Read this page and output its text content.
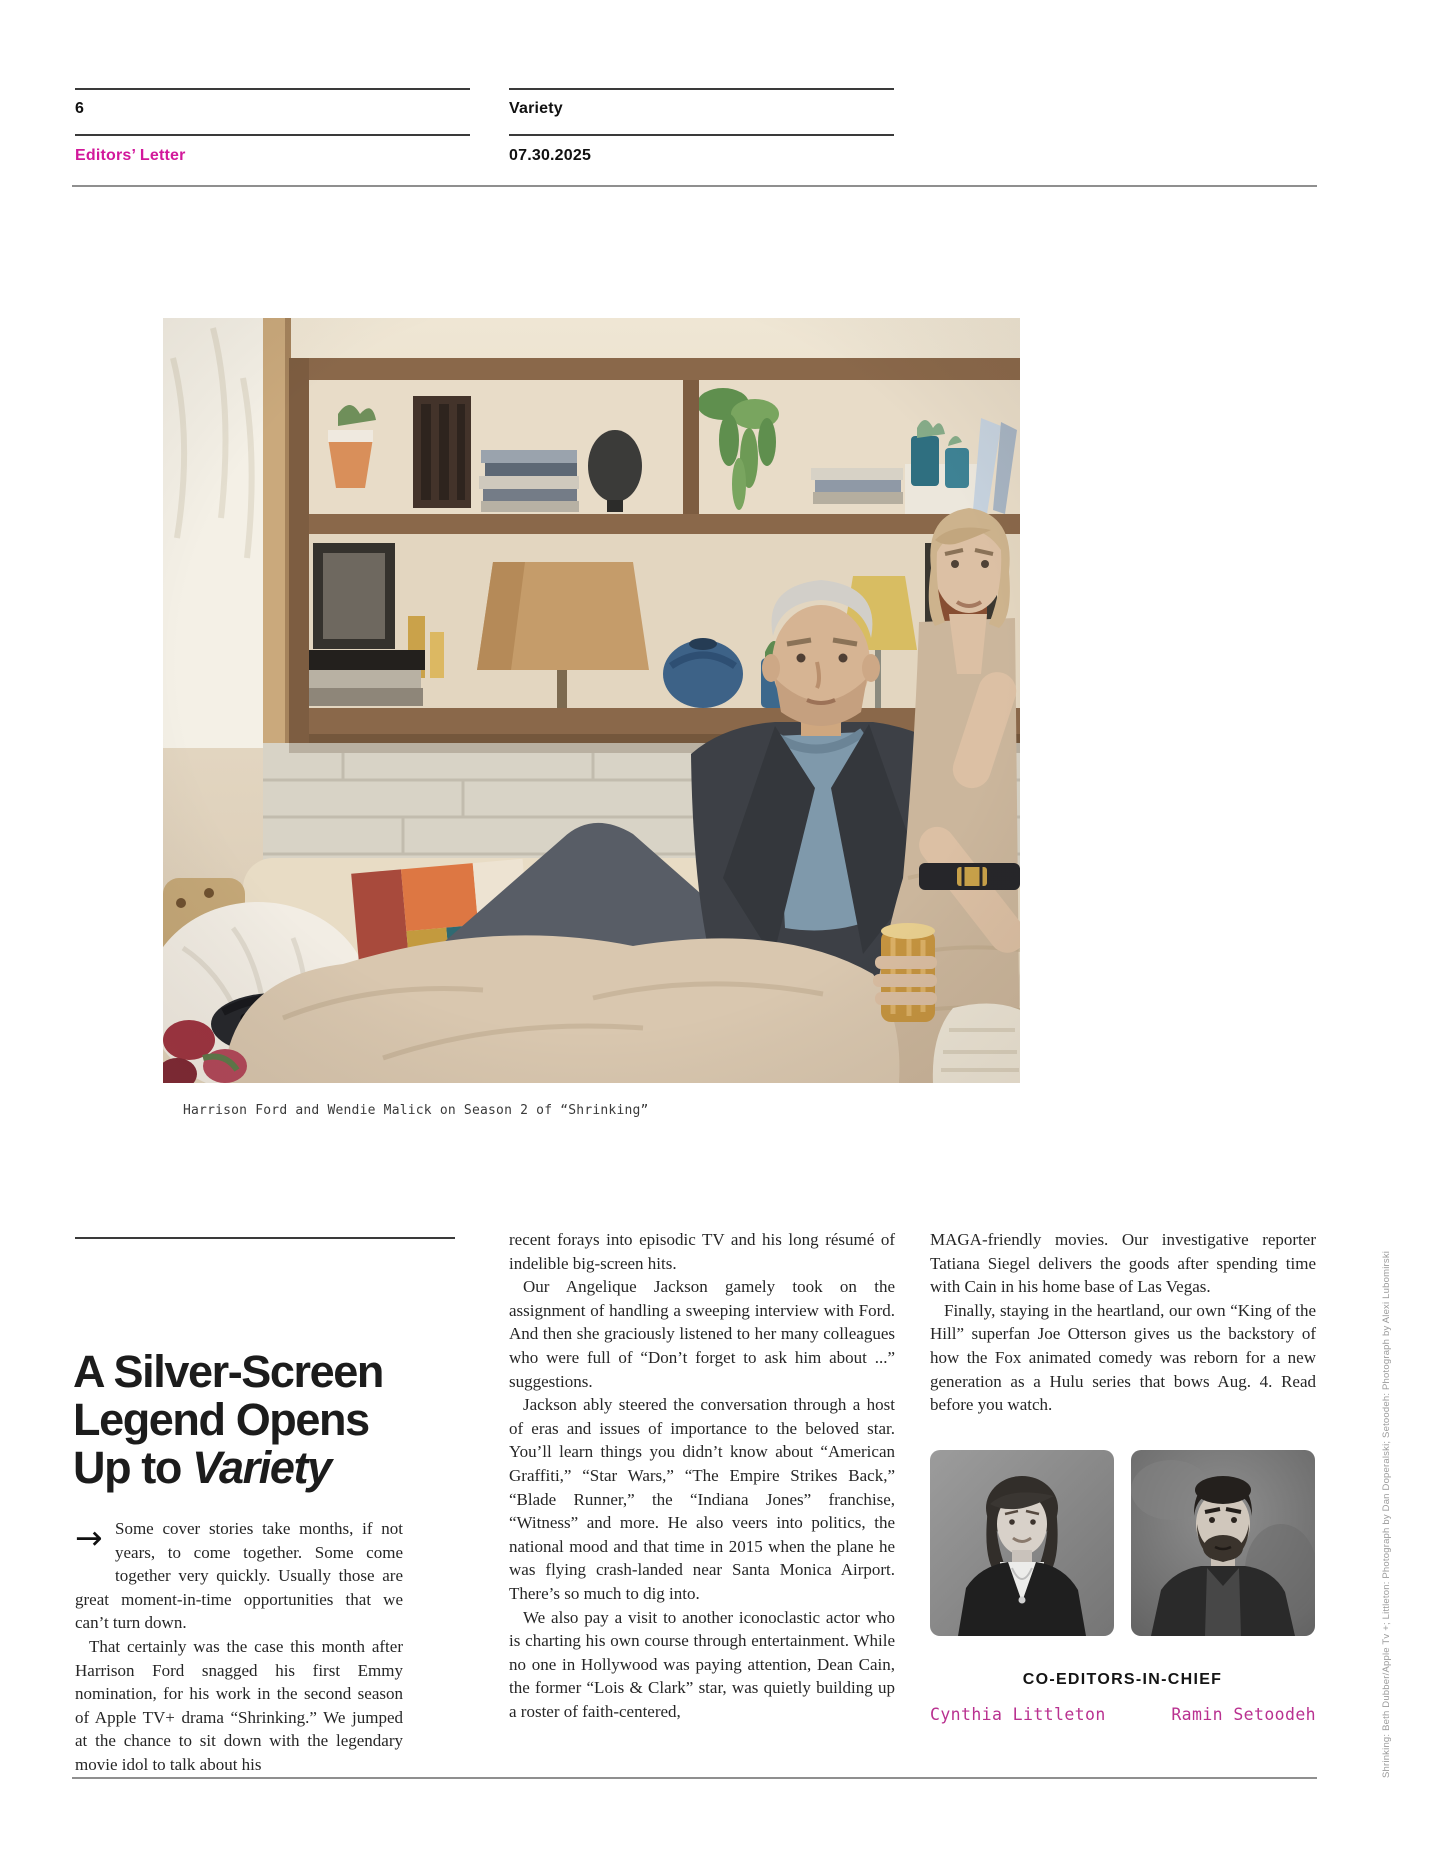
6	Variety
Editors’ Letter	07.30.2025
Harrison Ford and Wendie Malick on Season 2 of “Shrinking”
A Silver-Screen
Legend Opens
Up to Variety

→ Some cover stories take months, if not years, to come together. Some come together very quickly. Usually those are great moment-in-time opportunities that we can’t turn down.

That certainly was the case this month after Harrison Ford snagged his first Emmy nomination, for his work in the second season of Apple TV+ drama “Shrinking.” We jumped at the chance to sit down with the legendary movie idol to talk about his

recent forays into episodic TV and his long résumé of indelible big-screen hits.

Our Angelique Jackson gamely took on the assignment of handling a sweeping interview with Ford. And then she graciously listened to her many colleagues who were full of “Don’t forget to ask him about ...” suggestions.

Jackson ably steered the conversation through a host of eras and issues of importance to the beloved star. You’ll learn things you didn’t know about “American Graffiti,” “Star Wars,” “The Empire Strikes Back,” “Blade Runner,” the “Indiana Jones” franchise, “Witness” and more. He also veers into politics, the national mood and that time in 2015 when the plane he was flying crash-landed near Santa Monica Airport. There’s so much to dig into.

We also pay a visit to another iconoclastic actor who is charting his own course through entertainment. While no one in Hollywood was paying attention, Dean Cain, the former “Lois & Clark” star, was quietly building up a roster of faith-centered,

MAGA-friendly movies. Our investigative reporter Tatiana Siegel delivers the goods after spending time with Cain in his home base of Las Vegas.

Finally, staying in the heartland, our own “King of the Hill” superfan Joe Otterson gives us the backstory of how the Fox animated comedy was reborn for a new generation as a Hulu series that bows Aug. 4. Read before you watch.

CO-EDITORS-IN-CHIEF
Cynthia Littleton	Ramin Setoodeh	Shrinking: Beth Dubber/Apple Tv +; Littleton: Photograph by Dan Doperalski; Setoodeh: Photograph by Alexi Lubomirski
